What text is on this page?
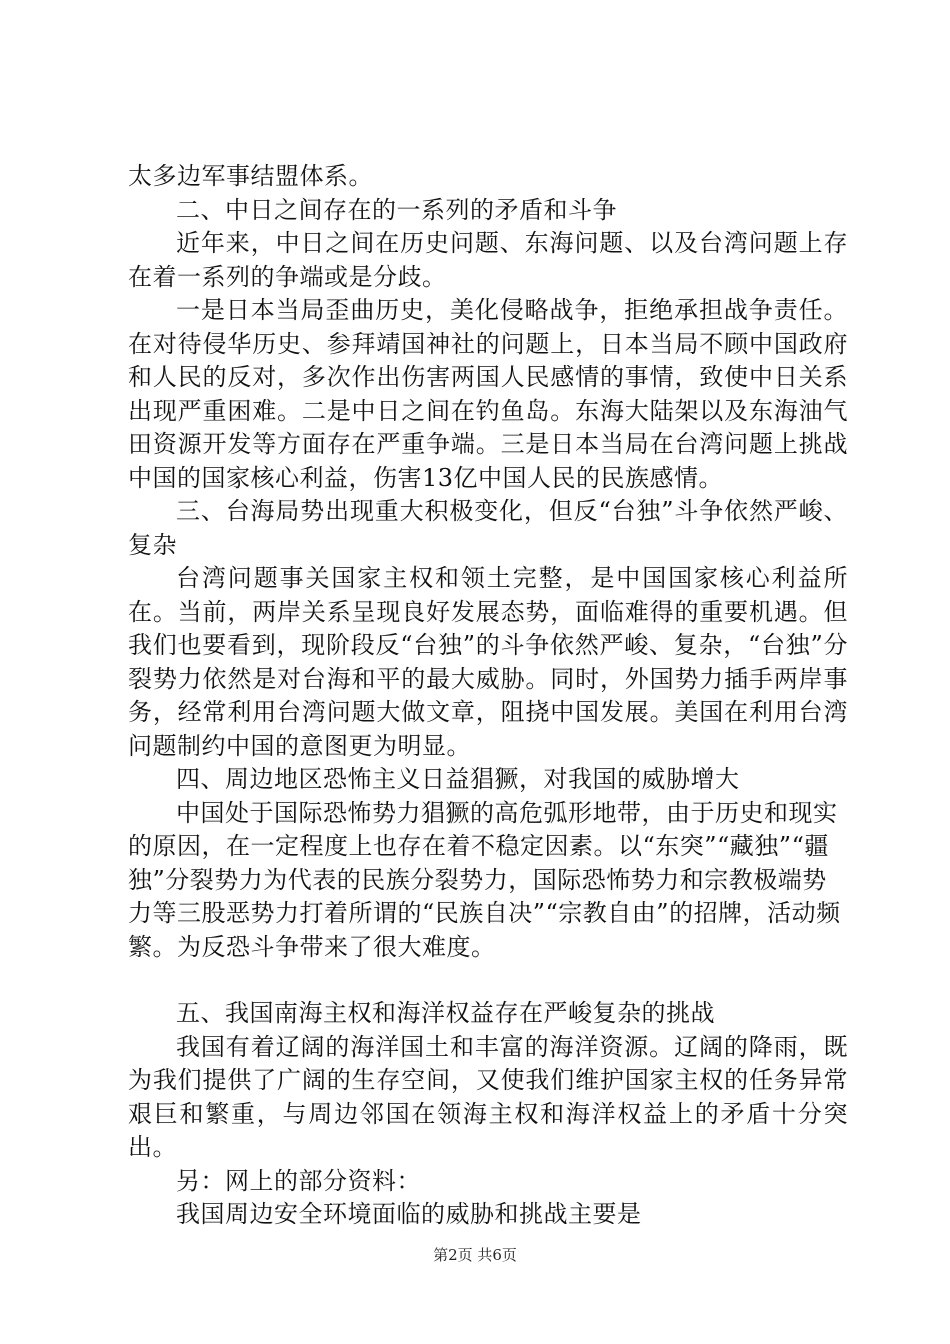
太多边军事结盟体系。

二、中日之间存在的一系列的矛盾和斗争

近年来，中日之间在历史问题、东海问题、以及台湾问题上存在着一系列的争端或是分歧。

一是日本当局歪曲历史，美化侵略战争，拒绝承担战争责任。在对待侵华历史、参拜靖国神社的问题上，日本当局不顾中国政府和人民的反对，多次作出伤害两国人民感情的事情，致使中日关系出现严重困难。二是中日之间在钓鱼岛。东海大陆架以及东海油气田资源开发等方面存在严重争端。三是日本当局在台湾问题上挑战中国的国家核心利益，伤害13亿中国人民的民族感情。

三、台海局势出现重大积极变化，但反“台独”斗争依然严峻、复杂

台湾问题事关国家主权和领土完整，是中国国家核心利益所在。当前，两岸关系呈现良好发展态势，面临难得的重要机遇。但我们也要看到，现阶段反“台独”的斗争依然严峻、复杂，“台独”分裂势力依然是对台海和平的最大威胁。同时，外国势力插手两岸事务，经常利用台湾问题大做文章，阻挠中国发展。美国在利用台湾问题制约中国的意图更为明显。

四、周边地区恐怖主义日益猖獗，对我国的威胁增大

中国处于国际恐怖势力猖獗的高危弧形地带，由于历史和现实的原因，在一定程度上也存在着不稳定因素。以“东突”“藏独”“疆独”分裂势力为代表的民族分裂势力，国际恐怖势力和宗教极端势力等三股恶势力打着所谓的“民族自决”“宗教自由”的招牌，活动频繁。为反恐斗争带来了很大难度。

五、我国南海主权和海洋权益存在严峻复杂的挑战

我国有着辽阔的海洋国土和丰富的海洋资源。辽阔的降雨，既为我们提供了广阔的生存空间，又使我们维护国家主权的任务异常艰巨和繁重，与周边邻国在领海主权和海洋权益上的矛盾十分突出。

另：网上的部分资料：

我国周边安全环境面临的威胁和挑战主要是

第2页 共6页
